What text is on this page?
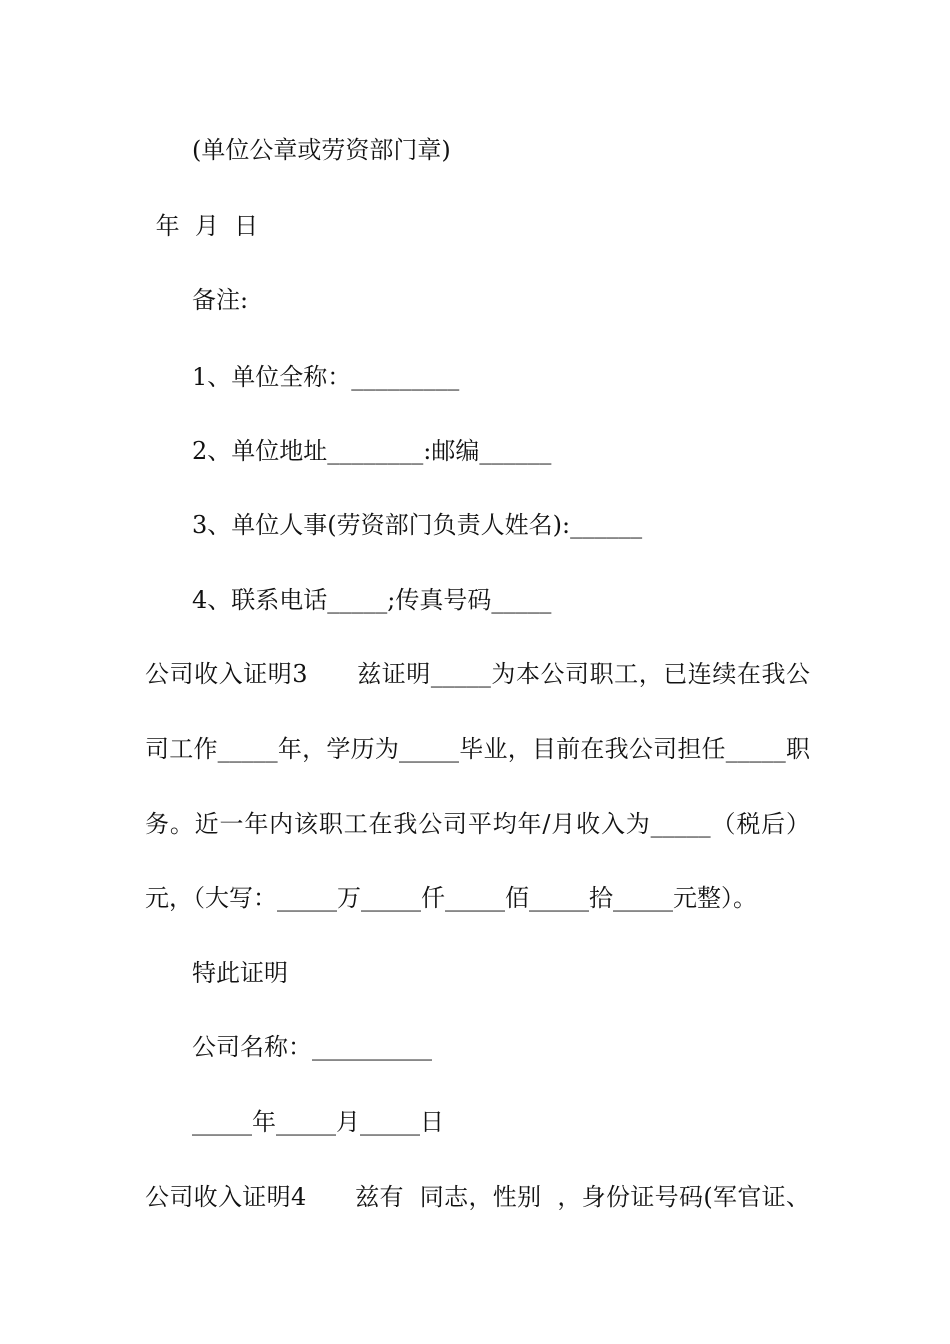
(单位公章或劳资部门章)
年  月  日
备注:
1、单位全称：_________
2、单位地址________:邮编______
3、单位人事(劳资部门负责人姓名):______
4、联系电话_____;传真号码_____
公司收入证明3　　兹证明_____为本公司职工，已连续在我公
司工作_____年，学历为_____毕业，目前在我公司担任_____职
务。近一年内该职工在我公司平均年/月收入为_____（税后）
元，（大写：_____万_____仟_____佰_____拾_____元整）。
特此证明
公司名称：__________
_____年_____月_____日
公司收入证明4　　兹有  同志，性别  ，身份证号码(军官证、
